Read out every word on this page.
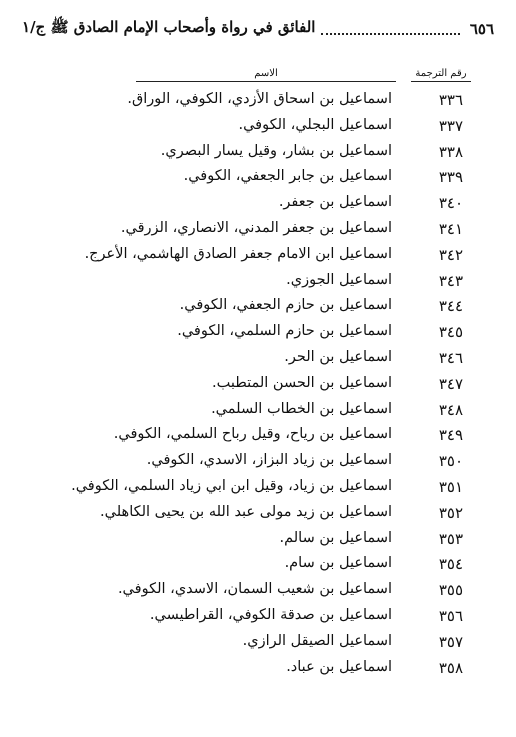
٦٥٦
الفائق في رواة وأصحاب الإمام الصادق ﷺ ج/١
رقم الترجمة
الاسم
٣٣٦
اسماعيل بن اسحاق الأزدي، الكوفي، الوراق.
٣٣٧
اسماعيل البجلي، الكوفي.
٣٣٨
اسماعيل بن بشار، وقيل يسار البصري.
٣٣٩
اسماعيل بن جابر الجعفي، الكوفي.
٣٤٠
اسماعيل بن جعفر.
٣٤١
اسماعيل بن جعفر المدني، الانصاري، الزرقي.
٣٤٢
اسماعيل ابن الامام جعفر الصادق الهاشمي، الأعرج.
٣٤٣
اسماعيل الجوزي.
٣٤٤
اسماعيل بن حازم الجعفي، الكوفي.
٣٤٥
اسماعيل بن حازم السلمي، الكوفي.
٣٤٦
اسماعيل بن الحر.
٣٤٧
اسماعيل بن الحسن المتطبب.
٣٤٨
اسماعيل بن الخطاب السلمي.
٣٤٩
اسماعيل بن رياح، وقيل رباح السلمي، الكوفي.
٣٥٠
اسماعيل بن زياد البزاز، الاسدي، الكوفي.
٣٥١
اسماعيل بن زياد، وقيل ابن ابي زياد السلمي، الكوفي.
٣٥٢
اسماعيل بن زيد مولى عبد الله بن يحيى الكاهلي.
٣٥٣
اسماعيل بن سالم.
٣٥٤
اسماعيل بن سام.
٣٥٥
اسماعيل بن شعيب السمان، الاسدي، الكوفي.
٣٥٦
اسماعيل بن صدقة الكوفي، القراطيسي.
٣٥٧
اسماعيل الصيقل الرازي.
٣٥٨
اسماعيل بن عباد.
